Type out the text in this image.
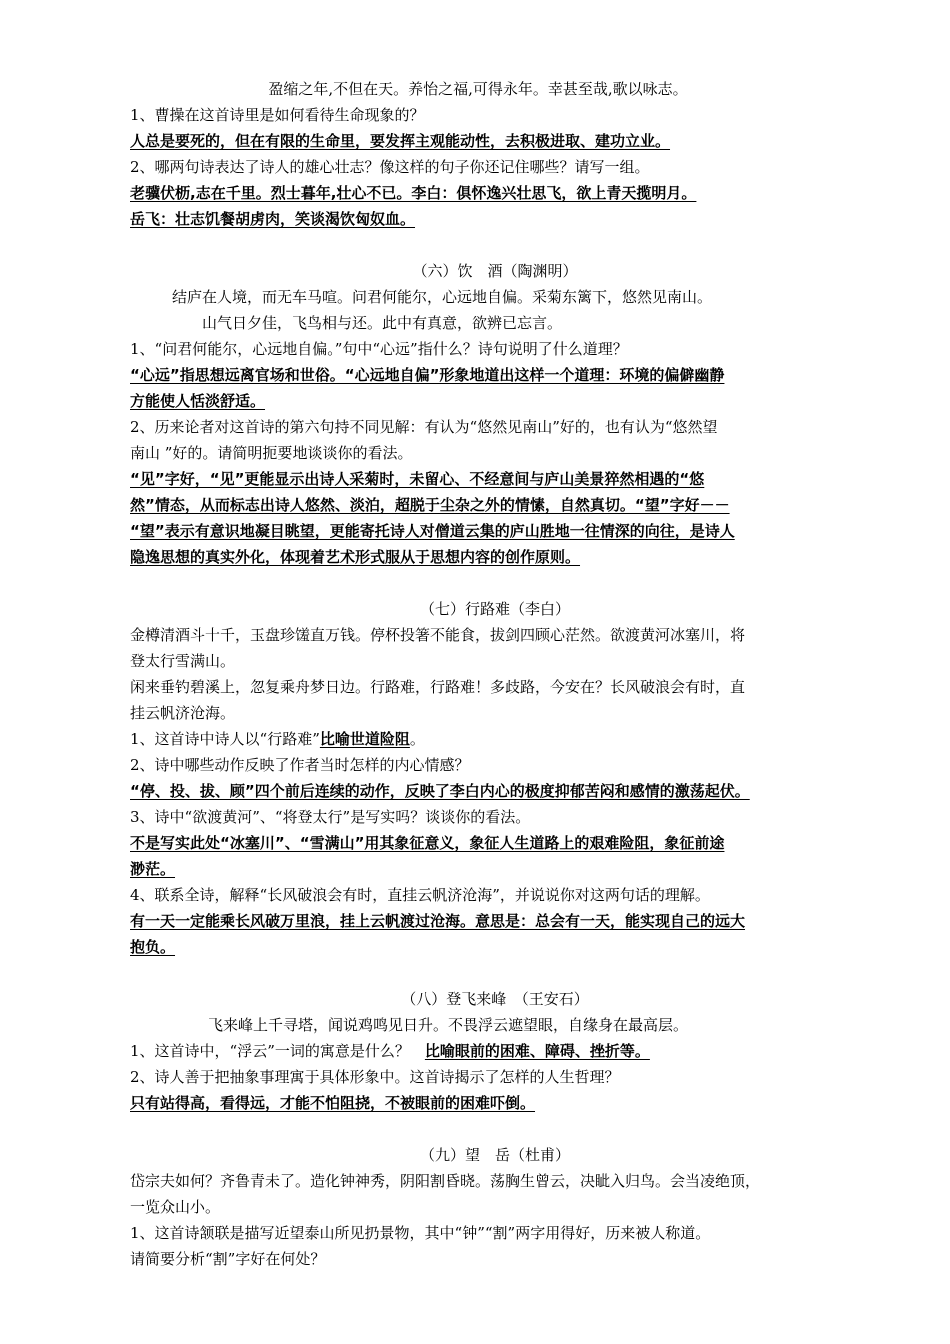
盈缩之年,不但在天。养怡之福,可得永年。幸甚至哉,歌以咏志。

1、曹操在这首诗里是如何看待生命现象的？

人总是要死的，但在有限的生命里，要发挥主观能动性，去积极进取、建功立业。

2、哪两句诗表达了诗人的雄心壮志？像这样的句子你还记住哪些？请写一组。

老骥伏枥,志在千里。烈士暮年,壮心不已。李白：俱怀逸兴壮思飞，欲上青天揽明月。

岳飞：壮志饥餐胡虏肉，笑谈渴饮匈奴血。

（六）饮　酒（陶渊明）

结庐在人境，而无车马喧。问君何能尔，心远地自偏。采菊东篱下，悠然见南山。

山气日夕佳，飞鸟相与还。此中有真意，欲辨已忘言。

1、“问君何能尔，心远地自偏。”句中“心远”指什么？诗句说明了什么道理？

“心远”指思想远离官场和世俗。“心远地自偏”形象地道出这样一个道理：环境的偏僻幽静

方能使人恬淡舒适。

2、历来论者对这首诗的第六句持不同见解：有认为“悠然见南山”好的，也有认为“悠然望

南山 ”好的。请简明扼要地谈谈你的看法。

“见”字好，“见”更能显示出诗人采菊时，未留心、不经意间与庐山美景猝然相遇的“悠

然”情态，从而标志出诗人悠然、淡泊，超脱于尘杂之外的情愫，自然真切。“望”字好－－

“望”表示有意识地凝目眺望，更能寄托诗人对僧道云集的庐山胜地一往情深的向往，是诗人

隐逸思想的真实外化，体现着艺术形式服从于思想内容的创作原则。

（七）行路难（李白）

金樽清酒斗十千，玉盘珍馐直万钱。停杯投箸不能食，拔剑四顾心茫然。欲渡黄河冰塞川，将

登太行雪满山。

闲来垂钓碧溪上，忽复乘舟梦日边。行路难，行路难！多歧路，今安在？长风破浪会有时，直

挂云帆济沧海。

1、这首诗中诗人以“行路难”比喻世道险阻。

2、诗中哪些动作反映了作者当时怎样的内心情感？

“停、投、拔、顾”四个前后连续的动作，反映了李白内心的极度抑郁苦闷和感情的激荡起伏。

3、诗中“欲渡黄河”、“将登太行”是写实吗？谈谈你的看法。

不是写实此处“冰塞川”、“雪满山”用其象征意义，象征人生道路上的艰难险阻，象征前途

渺茫。

4、联系全诗，解释“长风破浪会有时，直挂云帆济沧海”，并说说你对这两句话的理解。

有一天一定能乘长风破万里浪，挂上云帆渡过沧海。意思是：总会有一天，能实现自己的远大

抱负。

（八）登飞来峰　（王安石）

飞来峰上千寻塔，闻说鸡鸣见日升。不畏浮云遮望眼，自缘身在最高层。

1、这首诗中，“浮云”一词的寓意是什么？　比喻眼前的困难、障碍、挫折等。

2、诗人善于把抽象事理寓于具体形象中。这首诗揭示了怎样的人生哲理？

只有站得高，看得远，才能不怕阻挠，不被眼前的困难吓倒。

（九）望　岳（杜甫）

岱宗夫如何？齐鲁青未了。造化钟神秀，阴阳割昏晓。荡胸生曾云，决眦入归鸟。会当凌绝顶，

一览众山小。

1、这首诗颔联是描写近望泰山所见扔景物，其中“钟”“割”两字用得好，历来被人称道。

请简要分析“割”字好在何处？
